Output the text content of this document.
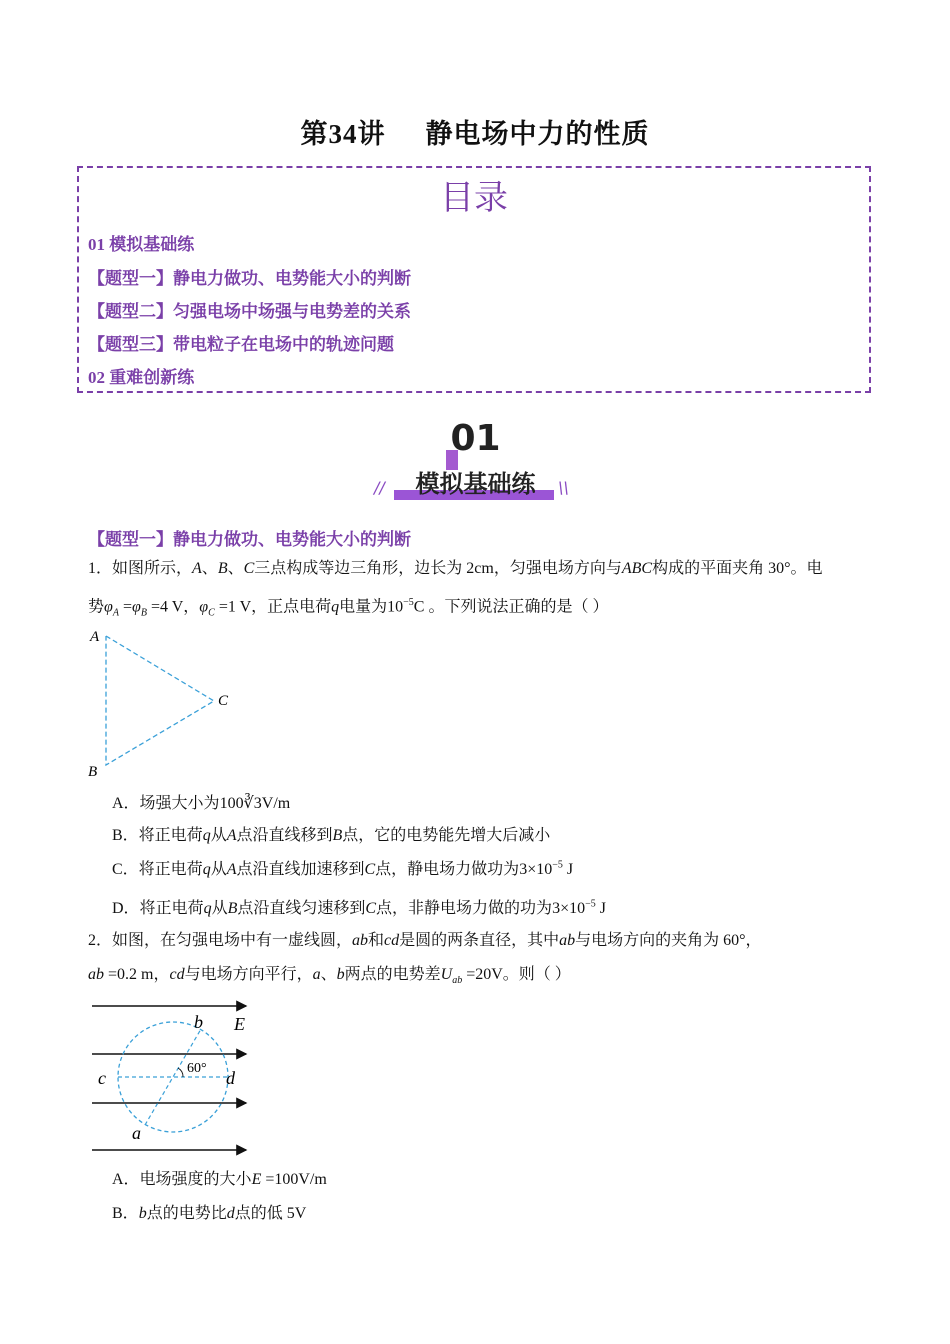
第34讲 静电场中力的性质
目录
01 模拟基础练
【题型一】静电力做功、电势能大小的判断
【题型二】匀强电场中场强与电势差的关系
【题型三】带电粒子在电场中的轨迹问题
02 重难创新练
01
模拟基础练
//	\\
【题型一】静电力做功、电势能大小的判断
1．如图所示，A、B、C三点构成等边三角形，边长为 2cm，匀强电场方向与ABC构成的平面夹角 30°。电
势$\varphi_A =\varphi_B =4$ V，$\varphi_C =1$ V，正点电荷q电量为$10^{-5}C$ 。下列说法正确的是（ ）
A
C
B
A．场强大小为100∛3V/m
B．将正电荷q从A点沿直线移到B点，它的电势能先增大后减小
C．将正电荷q从A点沿直线加速移到C点，静电场力做功为$3\times 10^{-5}$ J
D．将正电荷q从B点沿直线匀速移到C点，非静电场力做的功为$3\times 10^{-5}$ J
2．如图，在匀强电场中有一虚线圆，ab和cd是圆的两条直径，其中ab与电场方向的夹角为 60°，
ab =0.2 m，cd与电场方向平行，a、b两点的电势差$U_{ab} =20V$。则（ ）
60°
b E
c	d
a
A．电场强度的大小E =100V/m
B．b点的电势比d点的低 5V
